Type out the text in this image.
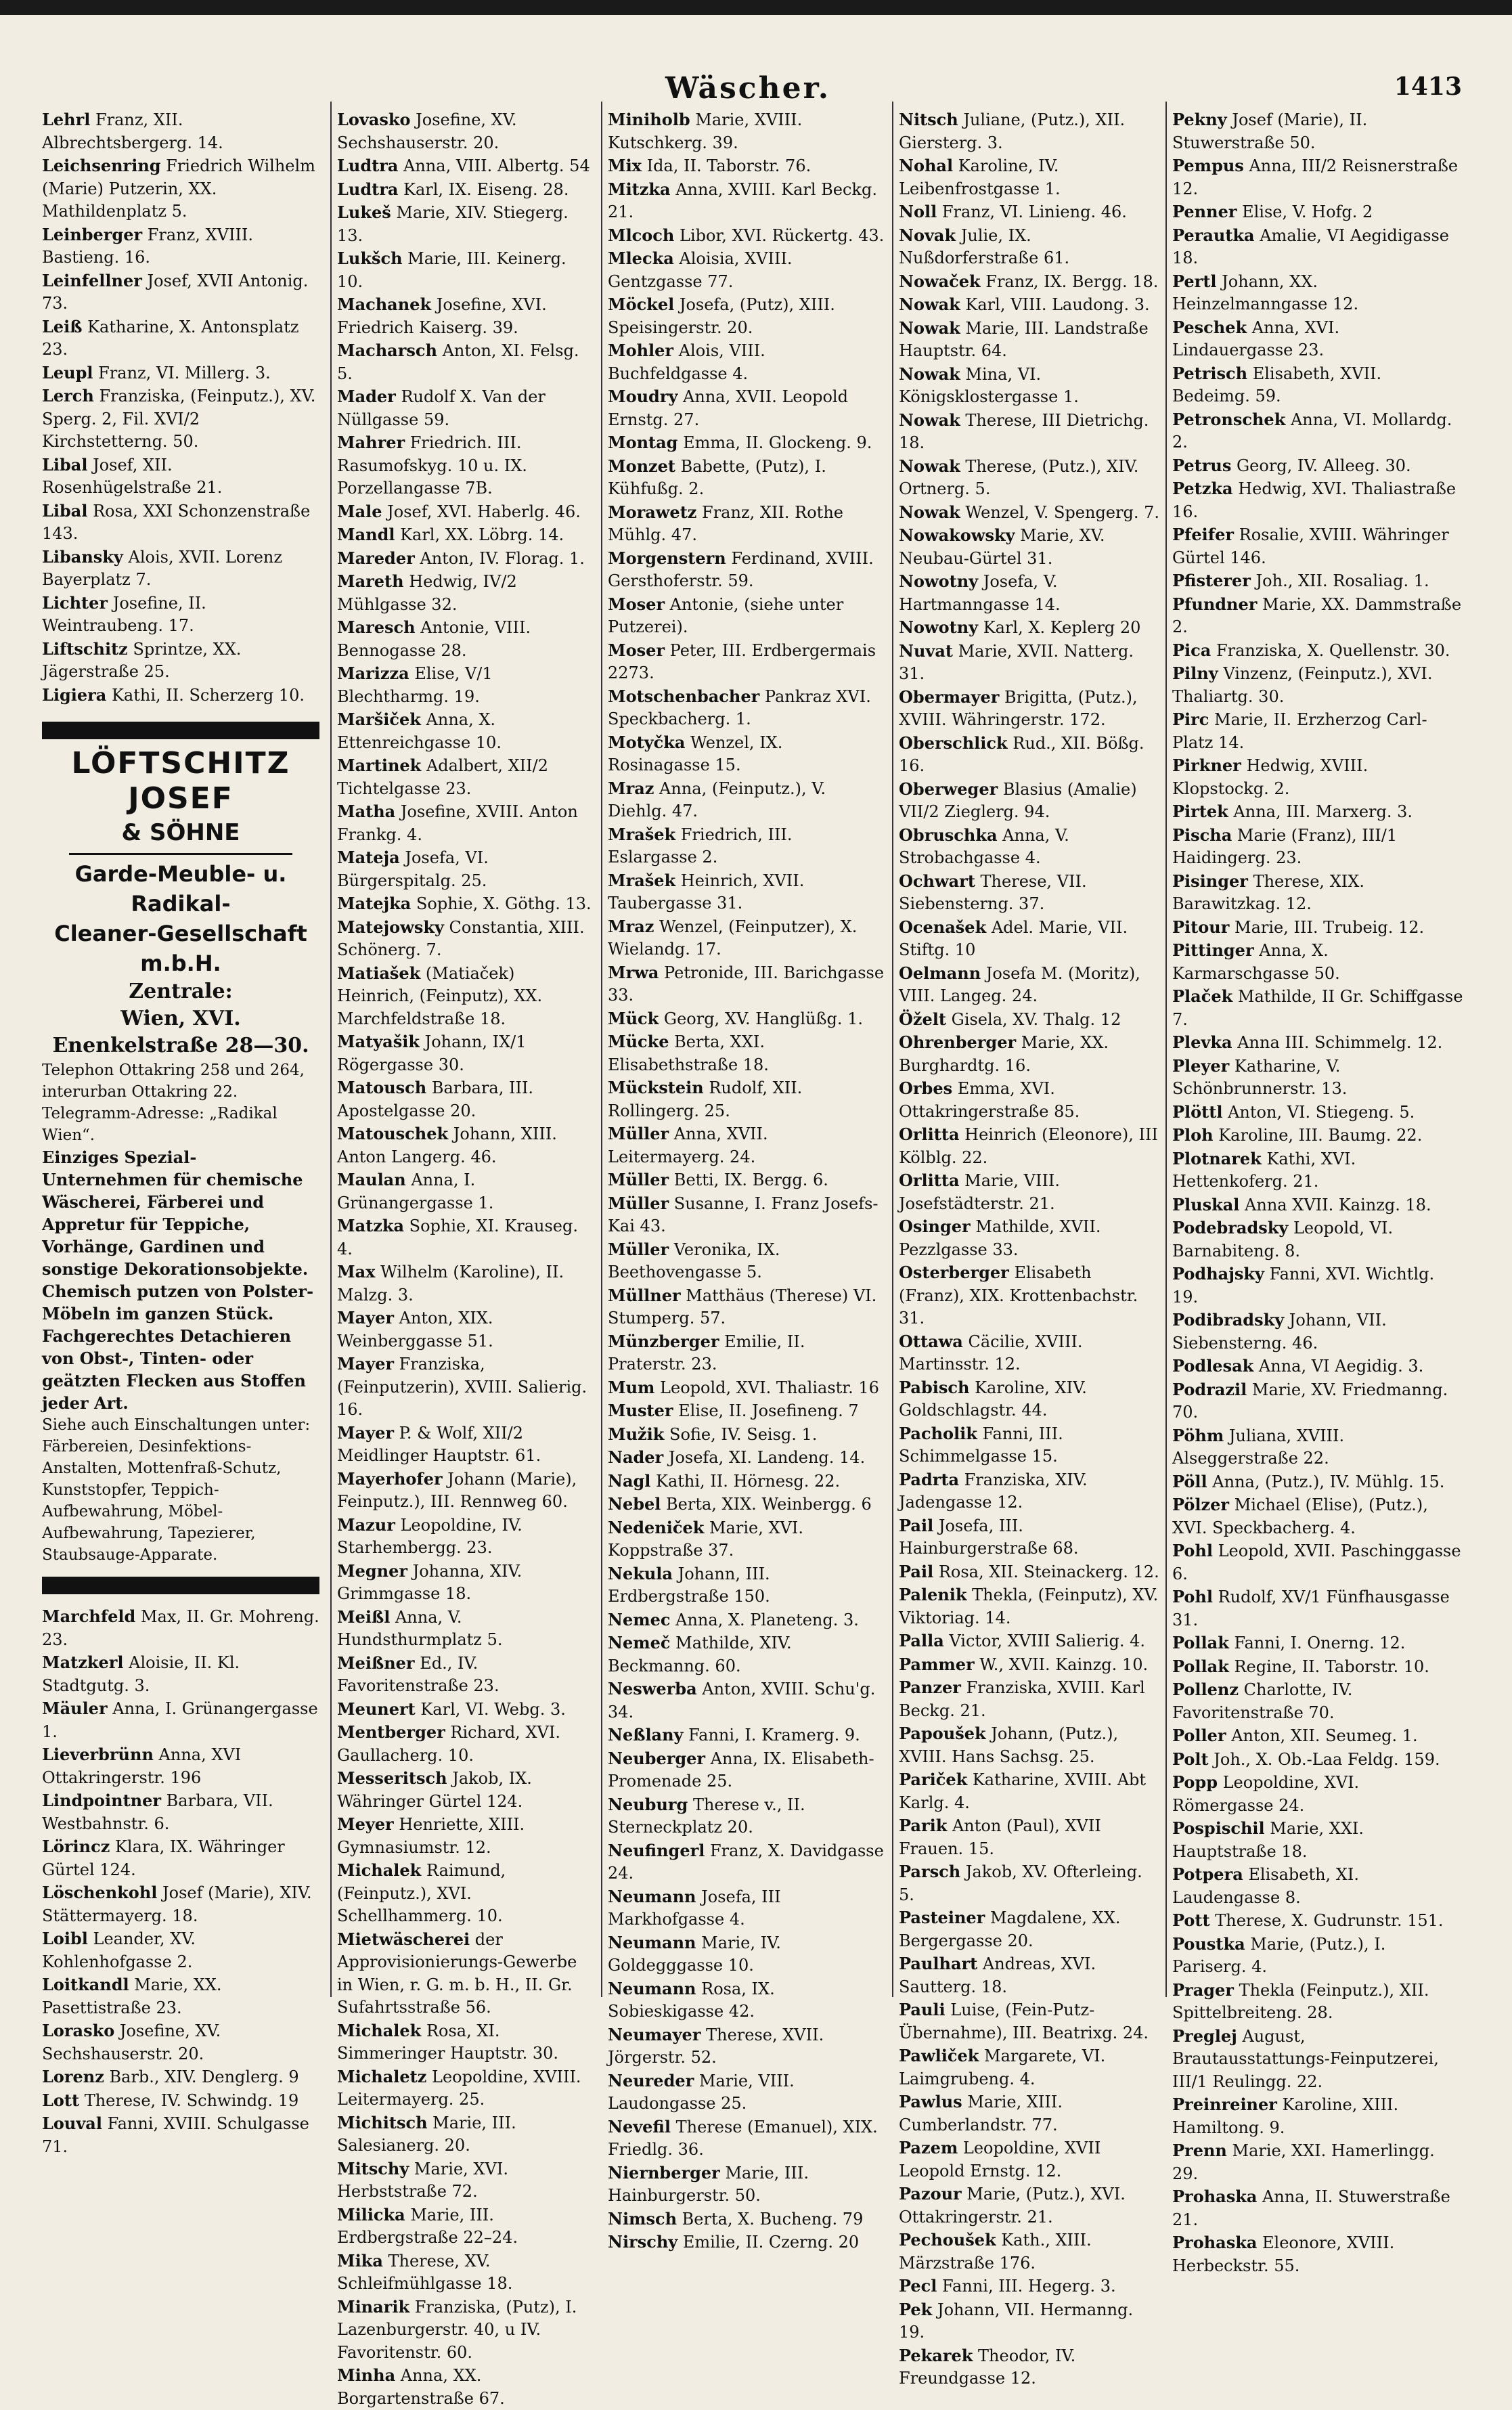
Wäscher.	1413

Lehrl Franz, XII. Albrechtsbergerg. 14.

Leichsenring Friedrich Wilhelm (Marie) Putzerin, XX. Mathildenplatz 5.

Leinberger Franz, XVIII. Bastieng. 16.

Leinfellner Josef, XVII Antonig. 73.

Leiß Katharine, X. Antonsplatz 23.

Leupl Franz, VI. Millerg. 3.

Lerch Franziska, (Feinputz.), XV. Sperg. 2, Fil. XVI/2 Kirchstetterng. 50.

Libal Josef, XII. Rosenhügelstraße 21.

Libal Rosa, XXI Schonzenstraße 143.

Libansky Alois, XVII. Lorenz Bayerplatz 7.

Lichter Josefine, II. Weintraubeng. 17.

Liftschitz Sprintze, XX. Jägerstraße 25.

Ligiera Kathi, II. Scherzerg 10.

LÖFTSCHITZ JOSEF
& SÖHNE
Garde-Meuble- u. Radikal-
Cleaner-Gesellschaft m.b.H.
Zentrale:
Wien, XVI. Enenkelstraße 28—30.
Telephon Ottakring 258 und 264, interurban Ottakring 22.
Telegramm-Adresse: „Radikal Wien“.
Einziges Spezial-Unternehmen für chemische Wäscherei, Färberei und Appretur für Teppiche, Vorhänge, Gardinen und sonstige Dekorationsobjekte.
Chemisch putzen von Polster-Möbeln im ganzen Stück.
Fachgerechtes Detachieren von Obst-, Tinten- oder geätzten Flecken aus Stoffen jeder Art.
Siehe auch Einschaltungen unter: Färbereien, Desinfektions-Anstalten, Mottenfraß-Schutz, Kunststopfer, Teppich-Aufbewahrung, Möbel-Aufbewahrung, Tapezierer, Staubsauge-Apparate.

Marchfeld Max, II. Gr. Mohreng. 23.

Matzkerl Aloisie, II. Kl. Stadtgutg. 3.

Mäuler Anna, I. Grünangergasse 1.

Lieverbrünn Anna, XVI Ottakringerstr. 196

Lindpointner Barbara, VII. Westbahnstr. 6.

Lörincz Klara, IX. Währinger Gürtel 124.

Löschenkohl Josef (Marie), XIV. Stättermayerg. 18.

Loibl Leander, XV. Kohlenhofgasse 2.

Loitkandl Marie, XX. Pasettistraße 23.

Lorasko Josefine, XV. Sechshauserstr. 20.

Lorenz Barb., XIV. Denglerg. 9

Lott Therese, IV. Schwindg. 19

Louval Fanni, XVIII. Schulgasse 71.

Lovasko Josefine, XV. Sechshauserstr. 20.

Ludtra Anna, VIII. Albertg. 54

Ludtra Karl, IX. Eiseng. 28.

Lukeš Marie, XIV. Stiegerg. 13.

Lukšch Marie, III. Keinerg. 10.

Machanek Josefine, XVI. Friedrich Kaiserg. 39.

Macharsch Anton, XI. Felsg. 5.

Mader Rudolf X. Van der Nüllgasse 59.

Mahrer Friedrich. III. Rasumofskyg. 10 u. IX. Porzellangasse 7B.

Male Josef, XVI. Haberlg. 46.

Mandl Karl, XX. Löbrg. 14.

Mareder Anton, IV. Florag. 1.

Mareth Hedwig, IV/2 Mühlgasse 32.

Maresch Antonie, VIII. Bennogasse 28.

Marizza Elise, V/1 Blechtharmg. 19.

Maršiček Anna, X. Ettenreichgasse 10.

Martinek Adalbert, XII/2 Tichtelgasse 23.

Matha Josefine, XVIII. Anton Frankg. 4.

Mateja Josefa, VI. Bürgerspitalg. 25.

Matejka Sophie, X. Göthg. 13.

Matejowsky Constantia, XIII. Schönerg. 7.

Matiašek (Matiaček) Heinrich, (Feinputz), XX. Marchfeldstraße 18.

Matyašik Johann, IX/1 Rögergasse 30.

Matousch Barbara, III. Apostelgasse 20.

Matouschek Johann, XIII. Anton Langerg. 46.

Maulan Anna, I. Grünangergasse 1.

Matzka Sophie, XI. Krauseg. 4.

Max Wilhelm (Karoline), II. Malzg. 3.

Mayer Anton, XIX. Weinberggasse 51.

Mayer Franziska, (Feinputzerin), XVIII. Salierig. 16.

Mayer P. & Wolf, XII/2 Meidlinger Hauptstr. 61.

Mayerhofer Johann (Marie), Feinputz.), III. Rennweg 60.

Mazur Leopoldine, IV. Starhembergg. 23.

Megner Johanna, XIV. Grimmgasse 18.

Meißl Anna, V. Hundsthurmplatz 5.

Meißner Ed., IV. Favoritenstraße 23.

Meunert Karl, VI. Webg. 3.

Mentberger Richard, XVI. Gaullacherg. 10.

Messeritsch Jakob, IX. Währinger Gürtel 124.

Meyer Henriette, XIII. Gymnasiumstr. 12.

Michalek Raimund, (Feinputz.), XVI. Schellhammerg. 10.

Mietwäscherei der Approvisionierungs-Gewerbe in Wien, r. G. m. b. H., II. Gr. Sufahrtsstraße 56.

Michalek Rosa, XI. Simmeringer Hauptstr. 30.

Michaletz Leopoldine, XVIII. Leitermayerg. 25.

Michitsch Marie, III. Salesianerg. 20.

Mitschy Marie, XVI. Herbststraße 72.

Milicka Marie, III. Erdbergstraße 22–24.

Mika Therese, XV. Schleifmühlgasse 18.

Minarik Franziska, (Putz), I. Lazenburgerstr. 40, u IV. Favoritenstr. 60.

Minha Anna, XX. Borgartenstraße 67.

Miniholb Marie, XVIII. Kutschkerg. 39.

Mix Ida, II. Taborstr. 76.

Mitzka Anna, XVIII. Karl Beckg. 21.

Mlcoch Libor, XVI. Rückertg. 43.

Mlecka Aloisia, XVIII. Gentzgasse 77.

Möckel Josefa, (Putz), XIII. Speisingerstr. 20.

Mohler Alois, VIII. Buchfeldgasse 4.

Moudry Anna, XVII. Leopold Ernstg. 27.

Montag Emma, II. Glockeng. 9.

Monzet Babette, (Putz), I. Kühfußg. 2.

Morawetz Franz, XII. Rothe Mühlg. 47.

Morgenstern Ferdinand, XVIII. Gersthoferstr. 59.

Moser Antonie, (siehe unter Putzerei).

Moser Peter, III. Erdbergermais 2273.

Motschenbacher Pankraz XVI. Speckbacherg. 1.

Motyčka Wenzel, IX. Rosinagasse 15.

Mraz Anna, (Feinputz.), V. Diehlg. 47.

Mrašek Friedrich, III. Eslargasse 2.

Mrašek Heinrich, XVII. Taubergasse 31.

Mraz Wenzel, (Feinputzer), X. Wielandg. 17.

Mrwa Petronide, III. Barichgasse 33.

Mück Georg, XV. Hanglüßg. 1.

Mücke Berta, XXI. Elisabethstraße 18.

Mückstein Rudolf, XII. Rollingerg. 25.

Müller Anna, XVII. Leitermayerg. 24.

Müller Betti, IX. Bergg. 6.

Müller Susanne, I. Franz Josefs-Kai 43.

Müller Veronika, IX. Beethovengasse 5.

Müllner Matthäus (Therese) VI. Stumperg. 57.

Münzberger Emilie, II. Praterstr. 23.

Mum Leopold, XVI. Thaliastr. 16

Muster Elise, II. Josefineng. 7

Mužik Sofie, IV. Seisg. 1.

Nader Josefa, XI. Landeng. 14.

Nagl Kathi, II. Hörnesg. 22.

Nebel Berta, XIX. Weinbergg. 6

Nedeniček Marie, XVI. Koppstraße 37.

Nekula Johann, III. Erdbergstraße 150.

Nemec Anna, X. Planeteng. 3.

Nemeč Mathilde, XIV. Beckmanng. 60.

Neswerba Anton, XVIII. Schu'g. 34.

Neßlany Fanni, I. Kramerg. 9.

Neuberger Anna, IX. Elisabeth-Promenade 25.

Neuburg Therese v., II. Sterneckplatz 20.

Neufingerl Franz, X. Davidgasse 24.

Neumann Josefa, III Markhofgasse 4.

Neumann Marie, IV. Goldegggasse 10.

Neumann Rosa, IX. Sobieskigasse 42.

Neumayer Therese, XVII. Jörgerstr. 52.

Neureder Marie, VIII. Laudongasse 25.

Nevefil Therese (Emanuel), XIX. Friedlg. 36.

Niernberger Marie, III. Hainburgerstr. 50.

Nimsch Berta, X. Bucheng. 79

Nirschy Emilie, II. Czerng. 20

Nitsch Juliane, (Putz.), XII. Giersterg. 3.

Nohal Karoline, IV. Leibenfrostgasse 1.

Noll Franz, VI. Linieng. 46.

Novak Julie, IX. Nußdorferstraße 61.

Nowaček Franz, IX. Bergg. 18.

Nowak Karl, VIII. Laudong. 3.

Nowak Marie, III. Landstraße Hauptstr. 64.

Nowak Mina, VI. Königsklostergasse 1.

Nowak Therese, III Dietrichg. 18.

Nowak Therese, (Putz.), XIV. Ortnerg. 5.

Nowak Wenzel, V. Spengerg. 7.

Nowakowsky Marie, XV. Neubau-Gürtel 31.

Nowotny Josefa, V. Hartmanngasse 14.

Nowotny Karl, X. Keplerg 20

Nuvat Marie, XVII. Natterg. 31.

Obermayer Brigitta, (Putz.), XVIII. Währingerstr. 172.

Oberschlick Rud., XII. Bößg. 16.

Oberweger Blasius (Amalie) VII/2 Zieglerg. 94.

Obruschka Anna, V. Strobachgasse 4.

Ochwart Therese, VII. Siebensterng. 37.

Ocenašek Adel. Marie, VII. Stiftg. 10

Oelmann Josefa M. (Moritz), VIII. Langeg. 24.

Öželt Gisela, XV. Thalg. 12

Ohrenberger Marie, XX. Burghardtg. 16.

Orbes Emma, XVI. Ottakringerstraße 85.

Orlitta Heinrich (Eleonore), III Kölblg. 22.

Orlitta Marie, VIII. Josefstädterstr. 21.

Osinger Mathilde, XVII. Pezzlgasse 33.

Osterberger Elisabeth (Franz), XIX. Krottenbachstr. 31.

Ottawa Cäcilie, XVIII. Martinsstr. 12.

Pabisch Karoline, XIV. Goldschlagstr. 44.

Pacholik Fanni, III. Schimmelgasse 15.

Padrta Franziska, XIV. Jadengasse 12.

Pail Josefa, III. Hainburgerstraße 68.

Pail Rosa, XII. Steinackerg. 12.

Palenik Thekla, (Feinputz), XV. Viktoriag. 14.

Palla Victor, XVIII Salierig. 4.

Pammer W., XVII. Kainzg. 10.

Panzer Franziska, XVIII. Karl Beckg. 21.

Papoušek Johann, (Putz.), XVIII. Hans Sachsg. 25.

Pariček Katharine, XVIII. Abt Karlg. 4.

Parik Anton (Paul), XVII Frauen. 15.

Parsch Jakob, XV. Ofterleing. 5.

Pasteiner Magdalene, XX. Bergergasse 20.

Paulhart Andreas, XVI. Sautterg. 18.

Pauli Luise, (Fein-Putz-Übernahme), III. Beatrixg. 24.

Pawliček Margarete, VI. Laimgrubeng. 4.

Pawlus Marie, XIII. Cumberlandstr. 77.

Pazem Leopoldine, XVII Leopold Ernstg. 12.

Pazour Marie, (Putz.), XVI. Ottakringerstr. 21.

Pechoušek Kath., XIII. Märzstraße 176.

Pecl Fanni, III. Hegerg. 3.

Pek Johann, VII. Hermanng. 19.

Pekarek Theodor, IV. Freundgasse 12.

Pekny Josef (Marie), II. Stuwerstraße 50.

Pempus Anna, III/2 Reisnerstraße 12.

Penner Elise, V. Hofg. 2

Perautka Amalie, VI Aegidigasse 18.

Pertl Johann, XX. Heinzelmanngasse 12.

Peschek Anna, XVI. Lindauergasse 23.

Petrisch Elisabeth, XVII. Bedeimg. 59.

Petronschek Anna, VI. Mollardg. 2.

Petrus Georg, IV. Alleeg. 30.

Petzka Hedwig, XVI. Thaliastraße 16.

Pfeifer Rosalie, XVIII. Währinger Gürtel 146.

Pfisterer Joh., XII. Rosaliag. 1.

Pfundner Marie, XX. Dammstraße 2.

Pica Franziska, X. Quellenstr. 30.

Pilny Vinzenz, (Feinputz.), XVI. Thaliartg. 30.

Pirc Marie, II. Erzherzog Carl-Platz 14.

Pirkner Hedwig, XVIII. Klopstockg. 2.

Pirtek Anna, III. Marxerg. 3.

Pischa Marie (Franz), III/1 Haidingerg. 23.

Pisinger Therese, XIX. Barawitzkag. 12.

Pitour Marie, III. Trubeig. 12.

Pittinger Anna, X. Karmarschgasse 50.

Plaček Mathilde, II Gr. Schiffgasse 7.

Plevka Anna III. Schimmelg. 12.

Pleyer Katharine, V. Schönbrunnerstr. 13.

Plöttl Anton, VI. Stiegeng. 5.

Ploh Karoline, III. Baumg. 22.

Plotnarek Kathi, XVI. Hettenkoferg. 21.

Pluskal Anna XVII. Kainzg. 18.

Podebradsky Leopold, VI. Barnabiteng. 8.

Podhajsky Fanni, XVI. Wichtlg. 19.

Podibradsky Johann, VII. Siebensterng. 46.

Podlesak Anna, VI Aegidig. 3.

Podrazil Marie, XV. Friedmanng. 70.

Pöhm Juliana, XVIII. Alseggerstraße 22.

Pöll Anna, (Putz.), IV. Mühlg. 15.

Pölzer Michael (Elise), (Putz.), XVI. Speckbacherg. 4.

Pohl Leopold, XVII. Paschinggasse 6.

Pohl Rudolf, XV/1 Fünfhausgasse 31.

Pollak Fanni, I. Onerng. 12.

Pollak Regine, II. Taborstr. 10.

Pollenz Charlotte, IV. Favoritenstraße 70.

Poller Anton, XII. Seumeg. 1.

Polt Joh., X. Ob.-Laa Feldg. 159.

Popp Leopoldine, XVI. Römergasse 24.

Pospischil Marie, XXI. Hauptstraße 18.

Potpera Elisabeth, XI. Laudengasse 8.

Pott Therese, X. Gudrunstr. 151.

Poustka Marie, (Putz.), I. Pariserg. 4.

Prager Thekla (Feinputz.), XII. Spittelbreiteng. 28.

Preglej August, Brautausstattungs-Feinputzerei, III/1 Reulingg. 22.

Preinreiner Karoline, XIII. Hamiltong. 9.

Prenn Marie, XXI. Hamerlingg. 29.

Prohaska Anna, II. Stuwerstraße 21.

Prohaska Eleonore, XVIII. Herbeckstr. 55.
